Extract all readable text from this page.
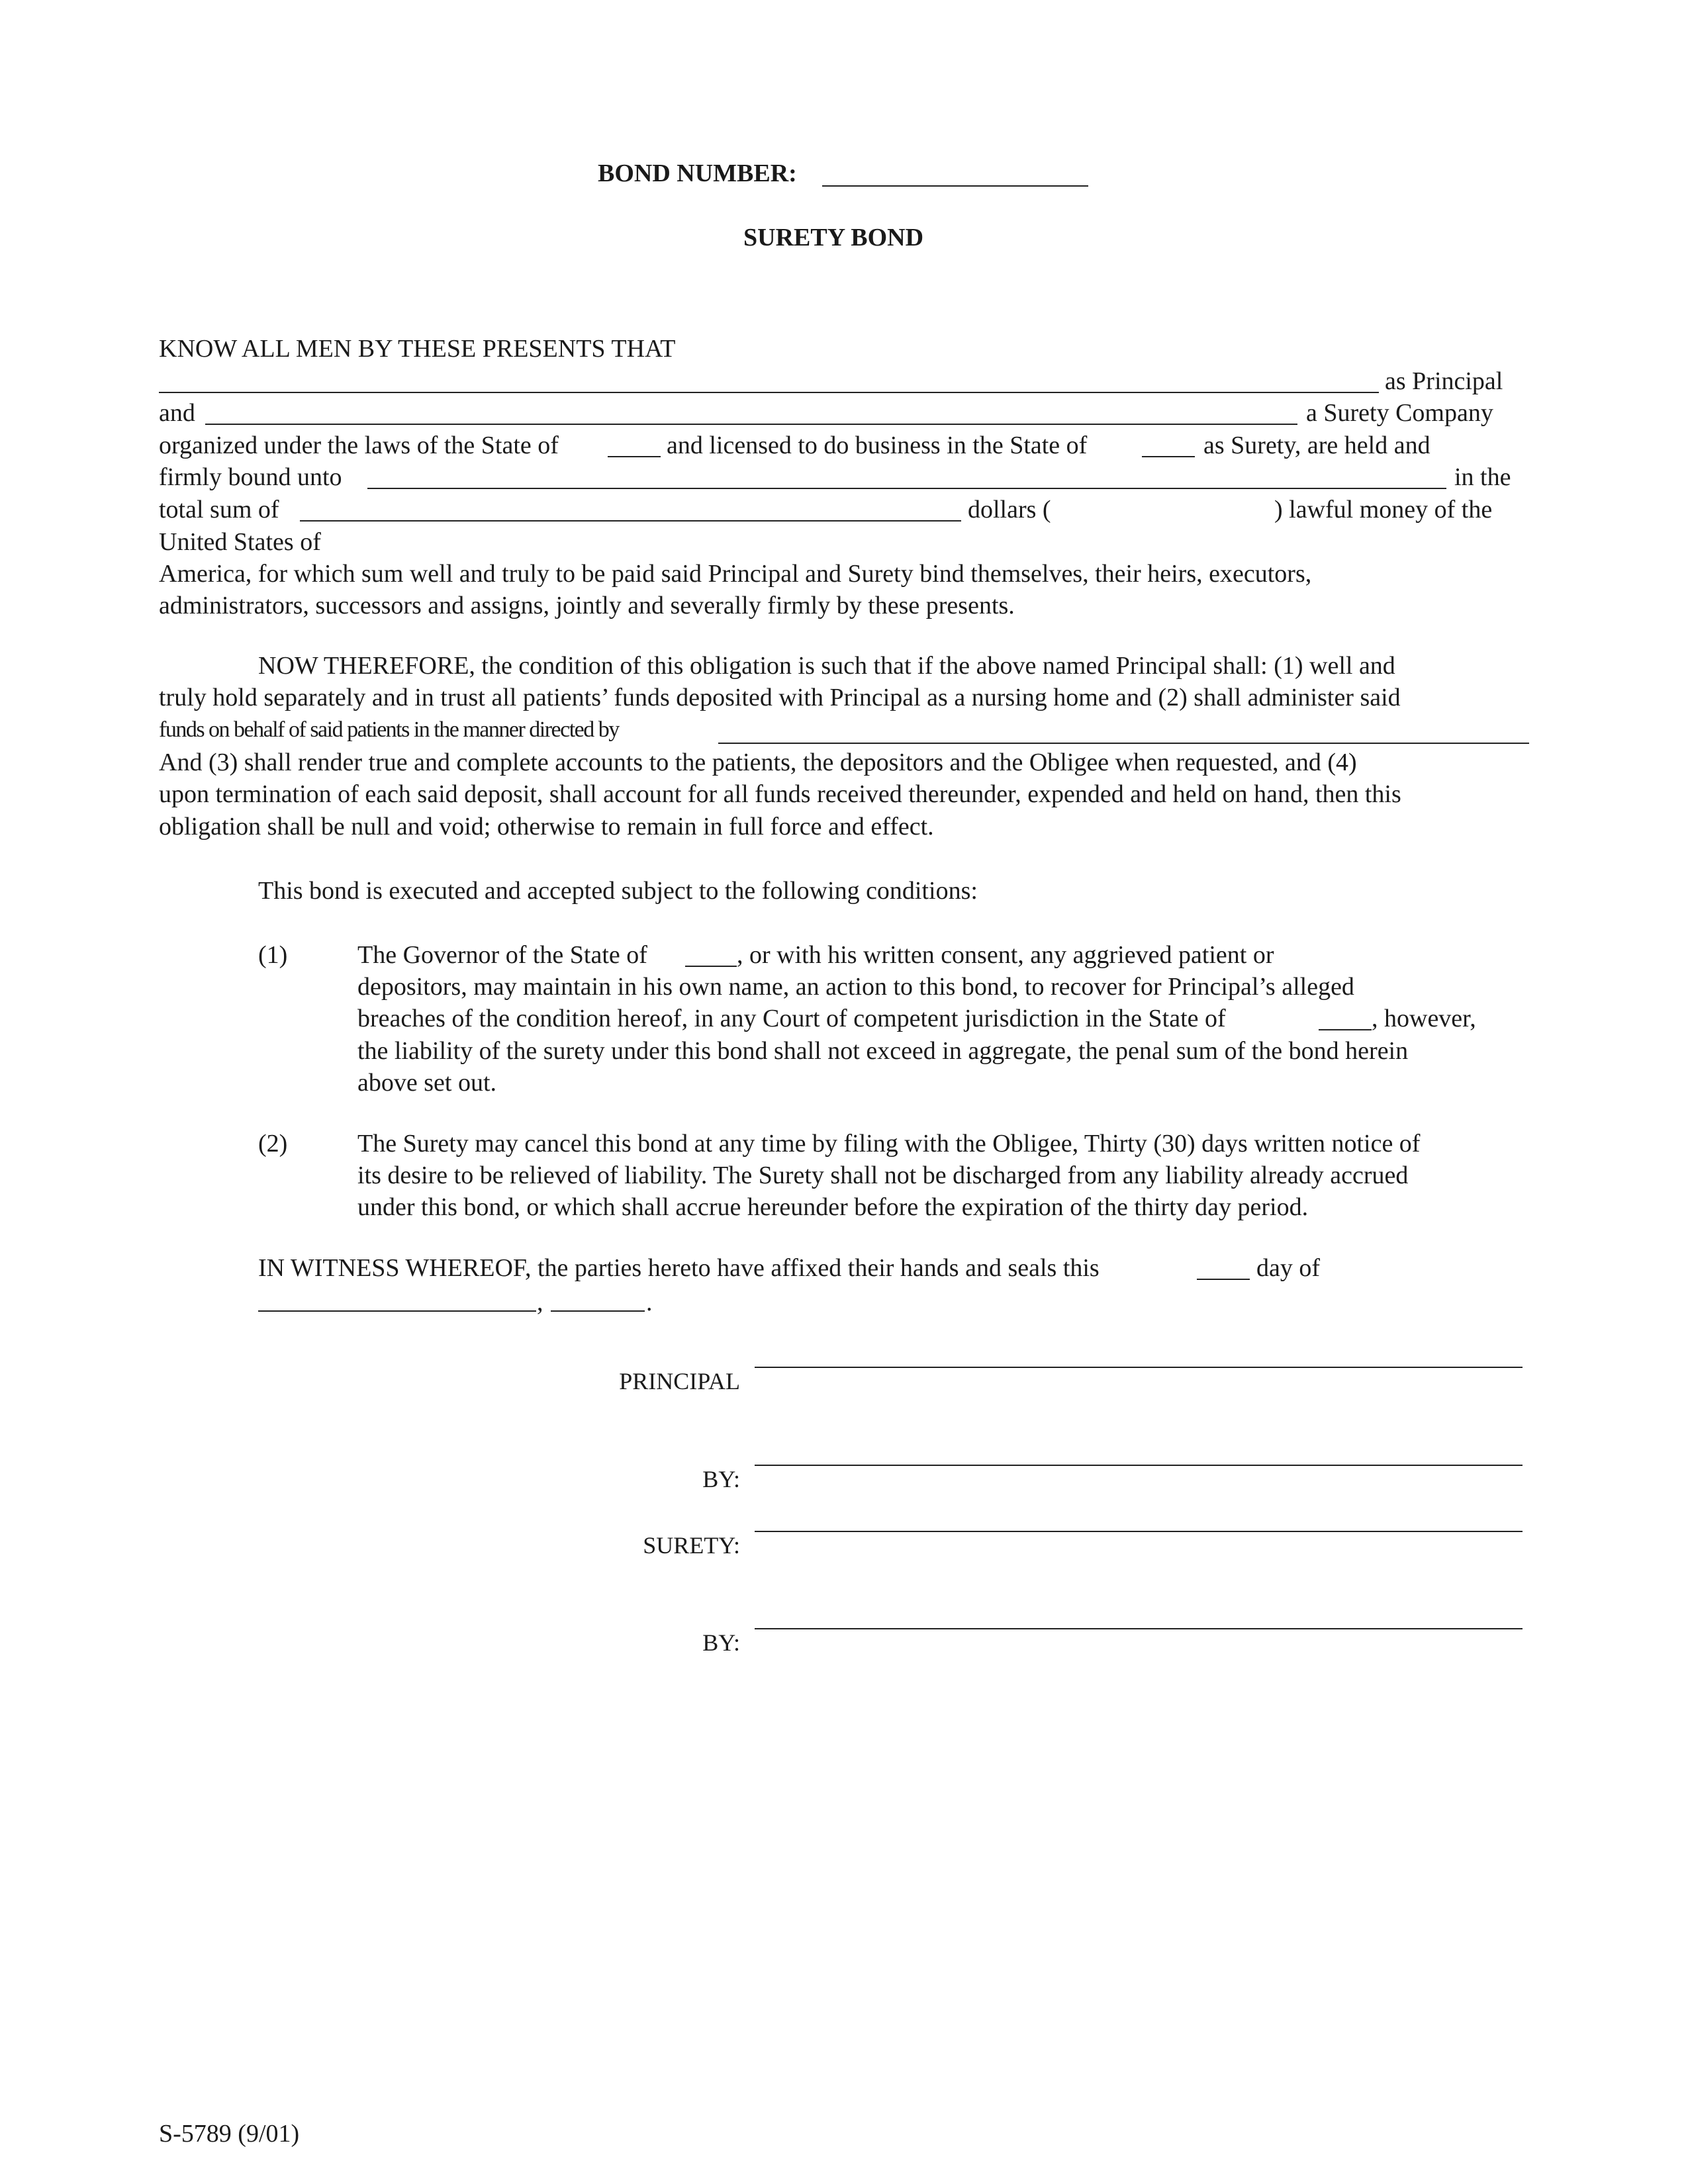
BOND NUMBER:
SURETY BOND
KNOW ALL MEN BY THESE PRESENTS THAT
as Principal
and	a Surety Company
organized under the laws of the State of	and licensed to do business in the State of	as Surety, are held and
firmly bound unto	in the
total sum of	dollars (	) lawful money of the
United States of
America, for which sum well and truly to be paid said Principal and Surety bind themselves, their heirs, executors,
administrators, successors and assigns, jointly and severally firmly by these presents.
NOW THEREFORE, the condition of this obligation is such that if the above named Principal shall: (1) well and
truly hold separately and in trust all patients’ funds deposited with Principal as a nursing home and (2) shall administer said
funds on behalf of said patients in the manner directed by
And (3) shall render true and complete accounts to the patients, the depositors and the Obligee when requested, and (4)
upon termination of each said deposit, shall account for all funds received thereunder, expended and held on hand, then this
obligation shall be null and void; otherwise to remain in full force and effect.
This bond is executed and accepted subject to the following conditions:
(1)	The Governor of the State of	, or with his written consent, any aggrieved patient or
depositors, may maintain in his own name, an action to this bond, to recover for Principal’s alleged
breaches of the condition hereof, in any Court of competent jurisdiction in the State of	, however,
the liability of the surety under this bond shall not exceed in aggregate, the penal sum of the bond herein
above set out.
(2)	The Surety may cancel this bond at any time by filing with the Obligee, Thirty (30) days written notice of
its desire to be relieved of liability. The Surety shall not be discharged from any liability already accrued
under this bond, or which shall accrue hereunder before the expiration of the thirty day period.
IN WITNESS WHEREOF, the parties hereto have affixed their hands and seals this	day of
,	.
PRINCIPAL
BY:
SURETY:
BY:
S-5789 (9/01)
